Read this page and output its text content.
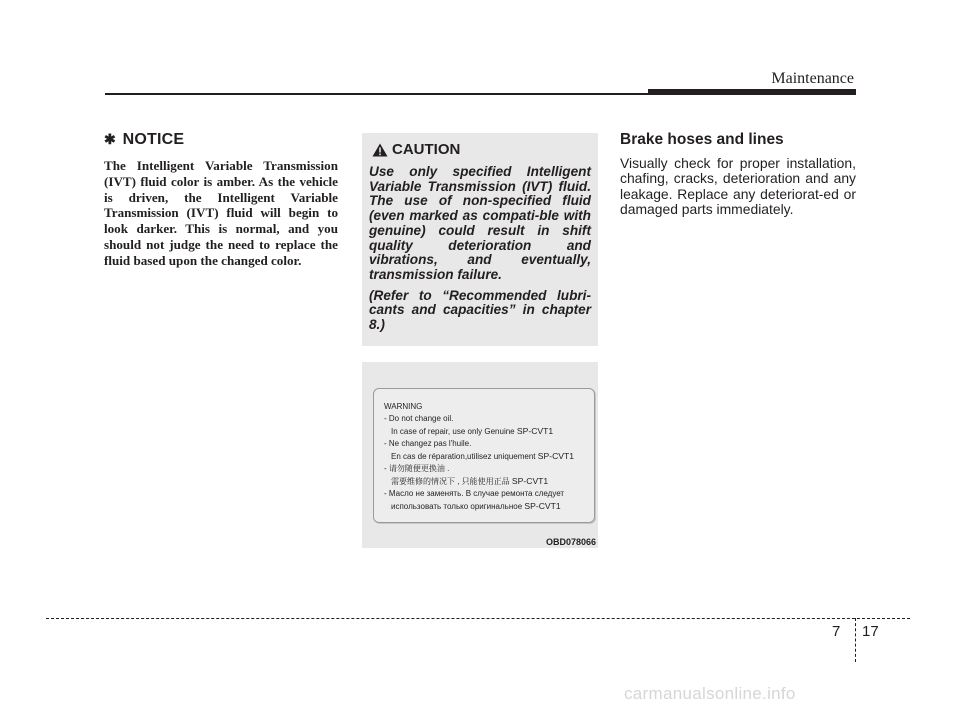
Maintenance
✱ NOTICE
The Intelligent Variable Transmission (IVT) fluid color is amber. As the vehicle is driven, the Intelligent Variable Transmission (IVT) fluid will begin to look darker. This is normal, and you should not judge the need to replace the fluid based upon the changed color.
CAUTION

Use only specified Intelligent Variable Transmission (IVT) fluid. The use of non-specified fluid (even marked as compati-ble with genuine) could result in shift quality deterioration and vibrations, and eventually, transmission failure.

(Refer to “Recommended lubri-cants and capacities” in chapter 8.)

WARNING
- Do not change oil.
In case of repair, use only Genuine SP-CVT1
- Ne changez pas l'huile.
En cas de réparation,utilisez uniquement SP-CVT1
- 请勿随便更换油 .
需要维修的情况下 , 只能使用正品 SP-CVT1
- Масло не заменять. В случае ремонта следует
использовать только оригинальное SP-CVT1
OBD078066
Brake hoses and lines
Visually check for proper installation, chafing, cracks, deterioration and any leakage. Replace any deteriorat-ed or damaged parts immediately.
7 17
carmanualsonline.info
